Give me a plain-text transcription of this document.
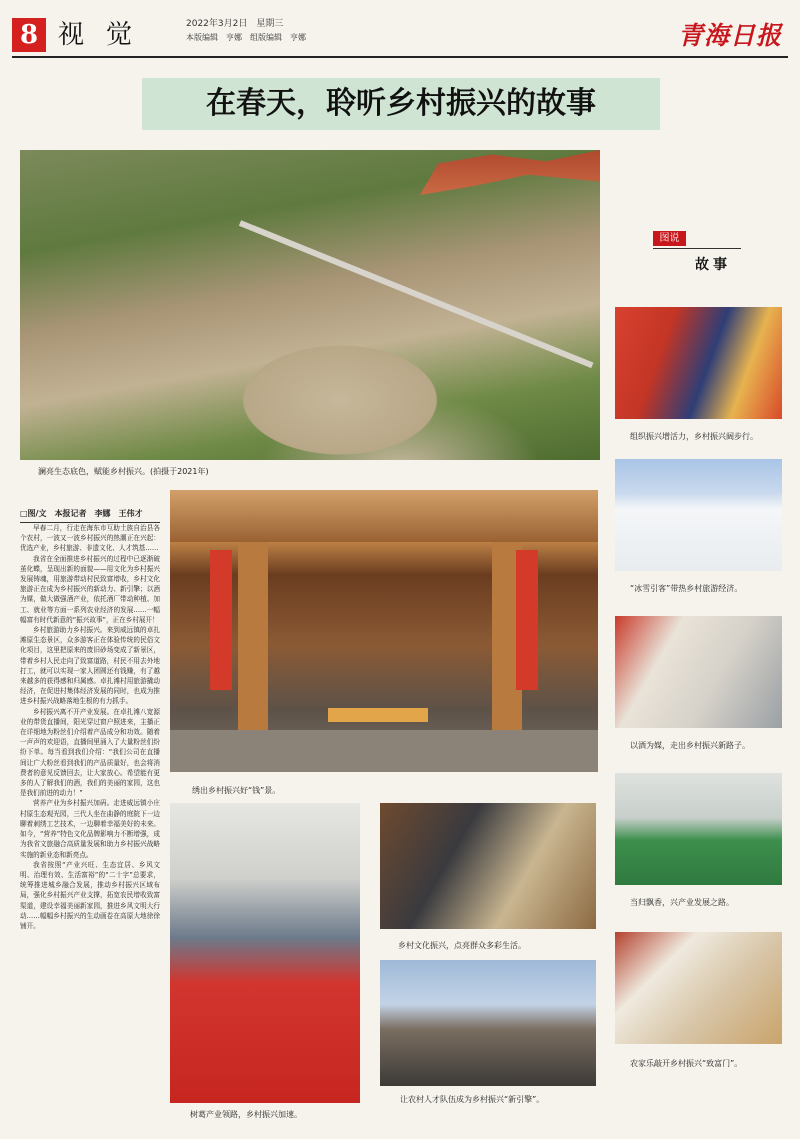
8 视觉	2022年3月2日　星期三
本版编辑　亨娜　组版编辑　亨娜	青海日报
在春天，聆听乡村振兴的故事
澜亮生态底色，赋能乡村振兴。(拍摄于2021年)
图说
故事
组织振兴增活力，乡村振兴阔步行。
“冰雪引客”带热乡村旅游经济。
以酒为媒，走出乡村振兴新路子。
当归飘香，兴产业发展之路。
农家乐敲开乡村振兴“致富门”。
绣出乡村振兴好“钱”景。
树葛产业领路，乡村振兴加速。
乡村文化振兴，点亮群众多彩生活。
让农村人才队伍成为乡村振兴“新引擎”。
□图/文　本报记者　李娜　王伟才

早春二月，行走在海东市互助土族自治县各个农村，一波又一波乡村振兴的热潮正在兴起：优选产业，乡村旅游、非遗文化、人才筑基……

我省在全面推进乡村振兴的过程中已逐渐破茧化蝶，呈现出新的面貌——用文化为乡村振兴发展铸魂，用旅游带动村民致富增收，乡村文化旅游正在成为乡村振兴的新动力、新引擎；以酒为媒，做大做强酒产业，依托酒厂带动种植、加工、就业等方面一系列农业经济的发展……一幅幅富有时代新意的“振兴故事”，正在乡村展开！

乡村旅游助力乡村振兴。来到威远镇的卓扎滩原生态景区，众多游客正在体验传统的民俗文化项目，这里把原来的废旧砂场变成了新景区，带着乡村人民走向了致富道路，村民不用去外地打工，就可以实现一家人团圆还有钱赚，有了越来越多的获得感和归属感。卓扎滩村用旅游撬动经济，在促进村集体经济发展的同时，也成为推进乡村振兴战略落地生根的有力抓手。

乡村振兴离不开产业发展。在卓扎滩八宽源业的带货直播间，阳光穿过窗户照进来，主播正在详细地为粉丝们介绍着产品成分和功效。随着一声声的欢迎语，直播间里涌入了大量粉丝们纷纷下单。每当看到我们介绍：“我们公司在直播间让广大粉丝看到我们的产品质量好，也会将消费者的意见反馈回去，让大家放心。希望能有更多的人了解我们的酒，我们的美丽的家园，这也是我们前进的动力！”

营养产业为乡村振兴加码。走进威远镇小庄村原生态观光园，三代人坐在曲静的庭院下一边聊着刺绣工艺技术，一边聊着幸福美好的未来。如今，“营养”特色文化品牌影响力不断增强，成为我省文旅融合高质量发展和助力乡村振兴战略实施的新业态和新亮点。

我省按照“产业兴旺、生态宜居、乡风文明、治理有效、生活富裕”的“二十字”总要求，统筹推进城乡融合发展，推动乡村振兴区域布局，强化乡村振兴产业支撑，拓宽农民增收致富渠道，建设幸福美丽新家园，推进乡风文明大行动……幅幅乡村振兴的生动画卷在高原大地徐徐铺开。
